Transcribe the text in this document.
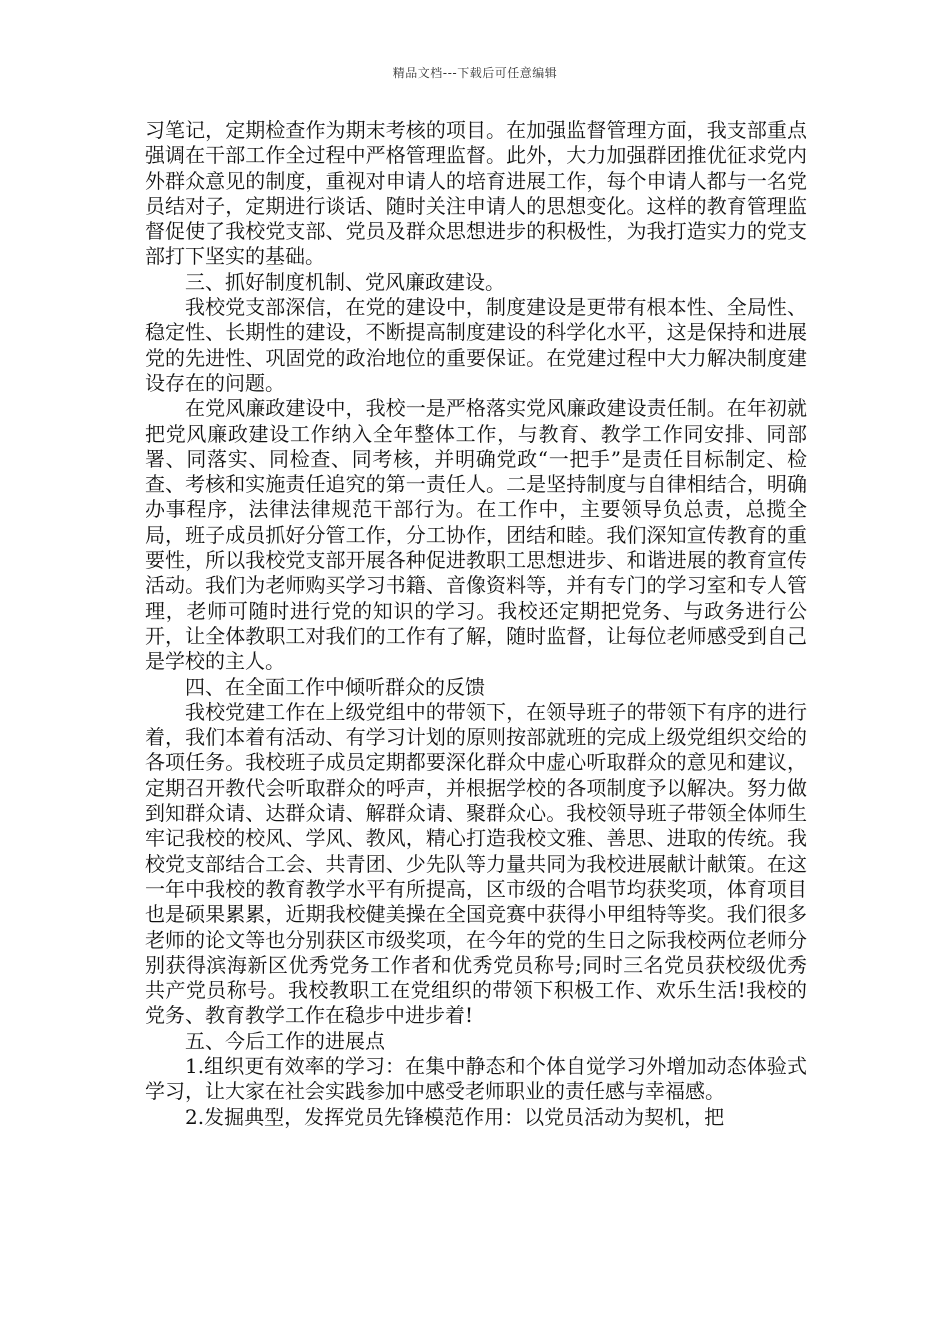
精品文档---下载后可任意编辑

习笔记，定期检查作为期末考核的项目。在加强监督管理方面，我支部重点强调在干部工作全过程中严格管理监督。此外，大力加强群团推优征求党内外群众意见的制度，重视对申请人的培育进展工作，每个申请人都与一名党员结对子，定期进行谈话、随时关注申请人的思想变化。这样的教育管理监督促使了我校党支部、党员及群众思想进步的积极性，为我打造实力的党支部打下坚实的基础。

三、抓好制度机制、党风廉政建设。

我校党支部深信，在党的建设中，制度建设是更带有根本性、全局性、稳定性、长期性的建设，不断提高制度建设的科学化水平，这是保持和进展党的先进性、巩固党的政治地位的重要保证。在党建过程中大力解决制度建设存在的问题。

在党风廉政建设中，我校一是严格落实党风廉政建设责任制。在年初就把党风廉政建设工作纳入全年整体工作，与教育、教学工作同安排、同部署、同落实、同检查、同考核，并明确党政“一把手”是责任目标制定、检查、考核和实施责任追究的第一责任人。二是坚持制度与自律相结合，明确办事程序，法律法律规范干部行为。在工作中，主要领导负总责，总揽全局，班子成员抓好分管工作，分工协作，团结和睦。我们深知宣传教育的重要性，所以我校党支部开展各种促进教职工思想进步、和谐进展的教育宣传活动。我们为老师购买学习书籍、音像资料等，并有专门的学习室和专人管理，老师可随时进行党的知识的学习。我校还定期把党务、与政务进行公开，让全体教职工对我们的工作有了解，随时监督，让每位老师感受到自己是学校的主人。

四、在全面工作中倾听群众的反馈

我校党建工作在上级党组中的带领下，在领导班子的带领下有序的进行着，我们本着有活动、有学习计划的原则按部就班的完成上级党组织交给的各项任务。我校班子成员定期都要深化群众中虚心听取群众的意见和建议，定期召开教代会听取群众的呼声，并根据学校的各项制度予以解决。努力做到知群众请、达群众请、解群众请、聚群众心。我校领导班子带领全体师生牢记我校的校风、学风、教风，精心打造我校文雅、善思、进取的传统。我校党支部结合工会、共青团、少先队等力量共同为我校进展献计献策。在这一年中我校的教育教学水平有所提高，区市级的合唱节均获奖项，体育项目也是硕果累累，近期我校健美操在全国竞赛中获得小甲组特等奖。我们很多老师的论文等也分别获区市级奖项，在今年的党的生日之际我校两位老师分别获得滨海新区优秀党务工作者和优秀党员称号;同时三名党员获校级优秀共产党员称号。我校教职工在党组织的带领下积极工作、欢乐生活!我校的党务、教育教学工作在稳步中进步着!

五、今后工作的进展点

1.组织更有效率的学习：在集中静态和个体自觉学习外增加动态体验式学习，让大家在社会实践参加中感受老师职业的责任感与幸福感。

2.发掘典型，发挥党员先锋模范作用：以党员活动为契机，把
